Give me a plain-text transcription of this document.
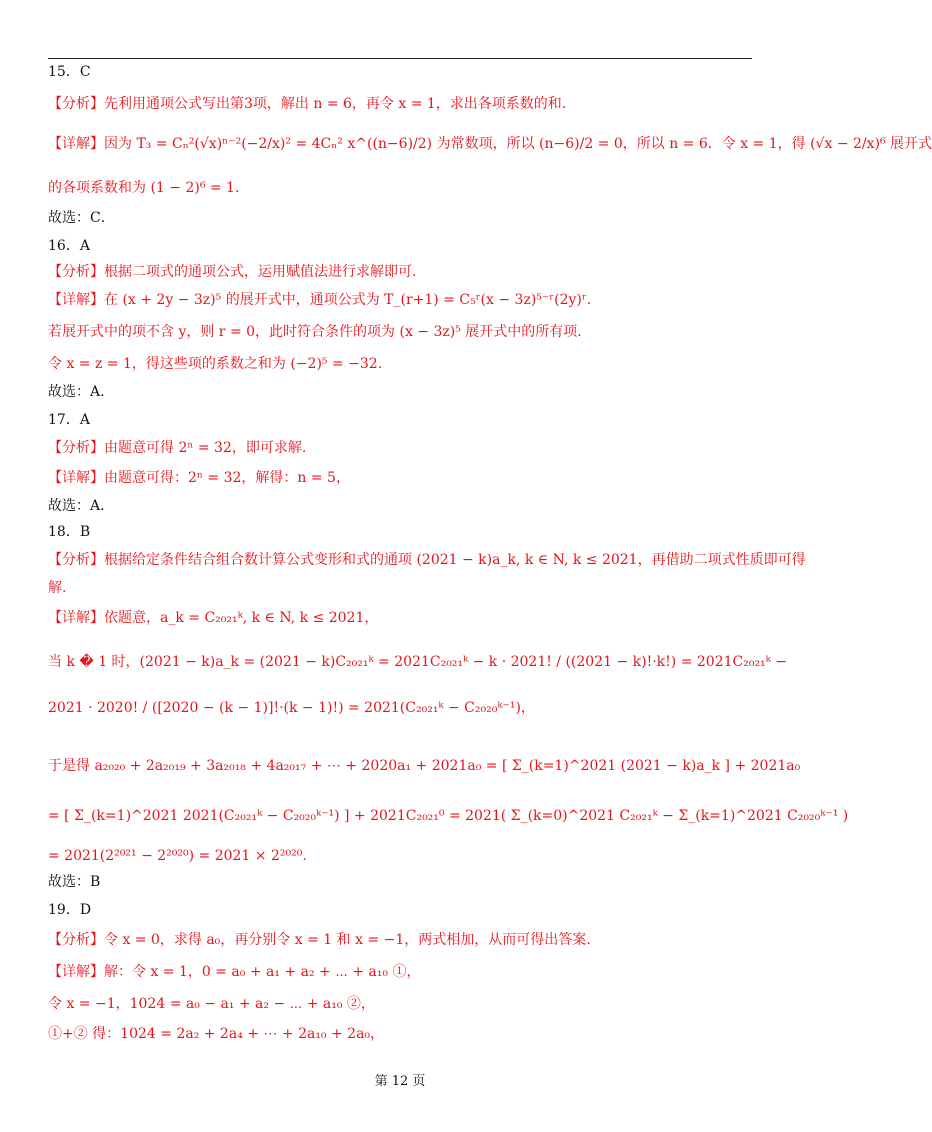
15．C
【分析】先利用通项公式写出第3项，解出 n = 6，再令 x = 1，求出各项系数的和.
【详解】因为 T₃ = Cₙ²(√x)ⁿ⁻²(−2/x)² = 4Cₙ² x^((n−6)/2) 为常数项，所以 (n−6)/2 = 0，所以 n = 6．令 x = 1，得 (√x − 2/x)⁶ 展开式
的各项系数和为 (1 − 2)⁶ = 1．
故选：C．
16．A
【分析】根据二项式的通项公式，运用赋值法进行求解即可.
【详解】在 (x + 2y − 3z)⁵ 的展开式中，通项公式为 T_(r+1) = C₅ʳ(x − 3z)⁵⁻ʳ(2y)ʳ.
若展开式中的项不含 y，则 r = 0，此时符合条件的项为 (x − 3z)⁵ 展开式中的所有项.
令 x = z = 1，得这些项的系数之和为 (−2)⁵ = −32.
故选：A.
17．A
【分析】由题意可得 2ⁿ = 32，即可求解.
【详解】由题意可得：2ⁿ = 32，解得：n = 5，
故选：A.
18．B
【分析】根据给定条件结合组合数计算公式变形和式的通项 (2021 − k)a_k, k ∈ N, k ≤ 2021，再借助二项式性质即可得
解.
【详解】依题意，a_k = C₂₀₂₁ᵏ, k ∈ N, k ≤ 2021，
当 k � 1 时，(2021 − k)a_k = (2021 − k)C₂₀₂₁ᵏ = 2021C₂₀₂₁ᵏ − k · 2021! / ((2021 − k)!·k!) = 2021C₂₀₂₁ᵏ −
2021 · 2020! / ([2020 − (k − 1)]!·(k − 1)!) = 2021(C₂₀₂₁ᵏ − C₂₀₂₀ᵏ⁻¹)，
于是得 a₂₀₂₀ + 2a₂₀₁₉ + 3a₂₀₁₈ + 4a₂₀₁₇ + ⋯ + 2020a₁ + 2021a₀ = [ Σ_(k=1)^2021 (2021 − k)a_k ] + 2021a₀
= [ Σ_(k=1)^2021 2021(C₂₀₂₁ᵏ − C₂₀₂₀ᵏ⁻¹) ] + 2021C₂₀₂₁⁰ = 2021( Σ_(k=0)^2021 C₂₀₂₁ᵏ − Σ_(k=1)^2021 C₂₀₂₀ᵏ⁻¹ )
= 2021(2²⁰²¹ − 2²⁰²⁰) = 2021 × 2²⁰²⁰.
故选：B
19．D
【分析】令 x = 0，求得 a₀，再分别令 x = 1 和 x = −1，两式相加，从而可得出答案.
【详解】解：令 x = 1，0 = a₀ + a₁ + a₂ + ⋯ + a₁₀ ①，
令 x = −1，1024 = a₀ − a₁ + a₂ − ⋯ + a₁₀ ②，
①+② 得：1024 = 2a₂ + 2a₄ + ⋯ + 2a₁₀ + 2a₀，
第 12 页
